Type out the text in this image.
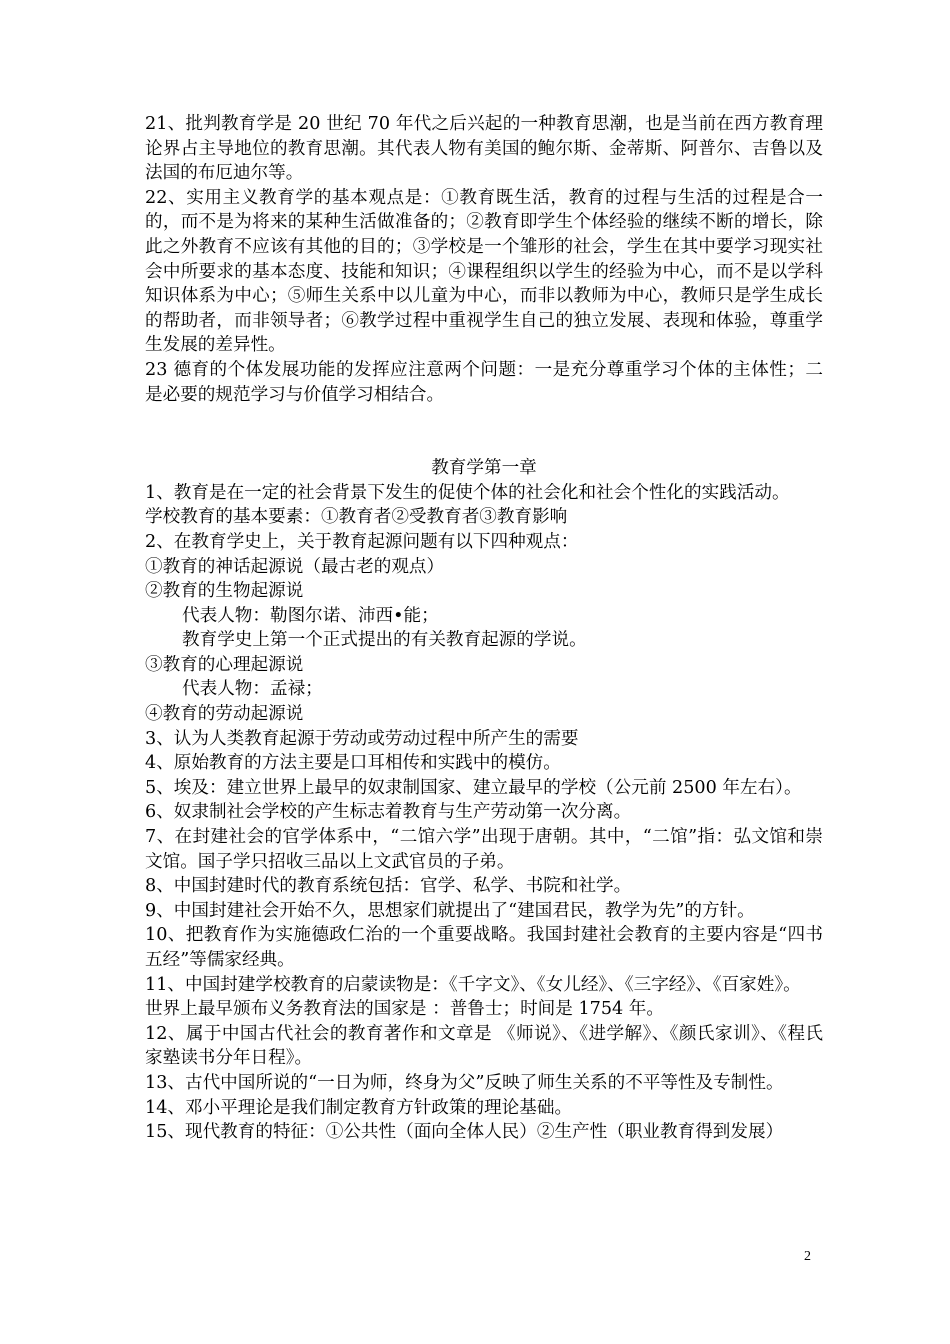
21、批判教育学是 20 世纪 70 年代之后兴起的一种教育思潮，也是当前在西方教育理论界占主导地位的教育思潮。其代表人物有美国的鲍尔斯、金蒂斯、阿普尔、吉鲁以及法国的布厄迪尔等。

22、实用主义教育学的基本观点是：①教育既生活，教育的过程与生活的过程是合一的，而不是为将来的某种生活做准备的；②教育即学生个体经验的继续不断的增长，除此之外教育不应该有其他的目的；③学校是一个雏形的社会，学生在其中要学习现实社会中所要求的基本态度、技能和知识；④课程组织以学生的经验为中心，而不是以学科知识体系为中心；⑤师生关系中以儿童为中心，而非以教师为中心，教师只是学生成长的帮助者，而非领导者；⑥教学过程中重视学生自己的独立发展、表现和体验，尊重学生发展的差异性。

23 德育的个体发展功能的发挥应注意两个问题：一是充分尊重学习个体的主体性；二是必要的规范学习与价值学习相结合。

教育学第一章

1、教育是在一定的社会背景下发生的促使个体的社会化和社会个性化的实践活动。

学校教育的基本要素：①教育者②受教育者③教育影响

2、在教育学史上，关于教育起源问题有以下四种观点：

①教育的神话起源说（最古老的观点）

②教育的生物起源说

代表人物：勒图尔诺、沛西•能；

教育学史上第一个正式提出的有关教育起源的学说。

③教育的心理起源说

代表人物：孟禄；

④教育的劳动起源说

3、认为人类教育起源于劳动或劳动过程中所产生的需要

4、原始教育的方法主要是口耳相传和实践中的模仿。

5、埃及：建立世界上最早的奴隶制国家、建立最早的学校（公元前 2500 年左右）。

6、奴隶制社会学校的产生标志着教育与生产劳动第一次分离。

7、在封建社会的官学体系中，“二馆六学”出现于唐朝。其中，“二馆”指：弘文馆和崇文馆。国子学只招收三品以上文武官员的子弟。

8、中国封建时代的教育系统包括：官学、私学、书院和社学。

9、中国封建社会开始不久，思想家们就提出了“建国君民，教学为先”的方针。

10、把教育作为实施德政仁治的一个重要战略。我国封建社会教育的主要内容是“四书五经”等儒家经典。

11、中国封建学校教育的启蒙读物是：《千字文》、《女儿经》、《三字经》、《百家姓》。

世界上最早颁布义务教育法的国家是 ：普鲁士；时间是 1754 年。

12、属于中国古代社会的教育著作和文章是 《师说》、《进学解》、《颜氏家训》、《程氏家塾读书分年日程》。

13、古代中国所说的“一日为师，终身为父”反映了师生关系的不平等性及专制性。

14、邓小平理论是我们制定教育方针政策的理论基础。

15、现代教育的特征：①公共性（面向全体人民）②生产性（职业教育得到发展）

2
